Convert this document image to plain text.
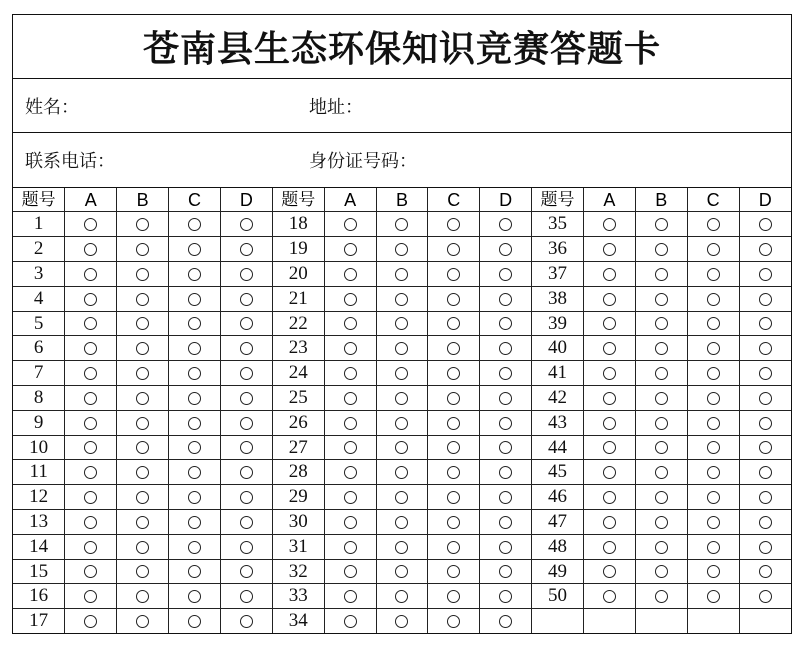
苍南县生态环保知识竞赛答题卡
姓名：	地址：
联系电话：	身份证号码：
题号	A	B	C	D	题号	A	B	C	D	题号	A	B	C	D
1					18					35				
2					19					36				
3					20					37				
4					21					38				
5					22					39				
6					23					40				
7					24					41				
8					25					42				
9					26					43				
10					27					44				
11					28					45				
12					29					46				
13					30					47				
14					31					48				
15					32					49				
16					33					50				
17					34									
